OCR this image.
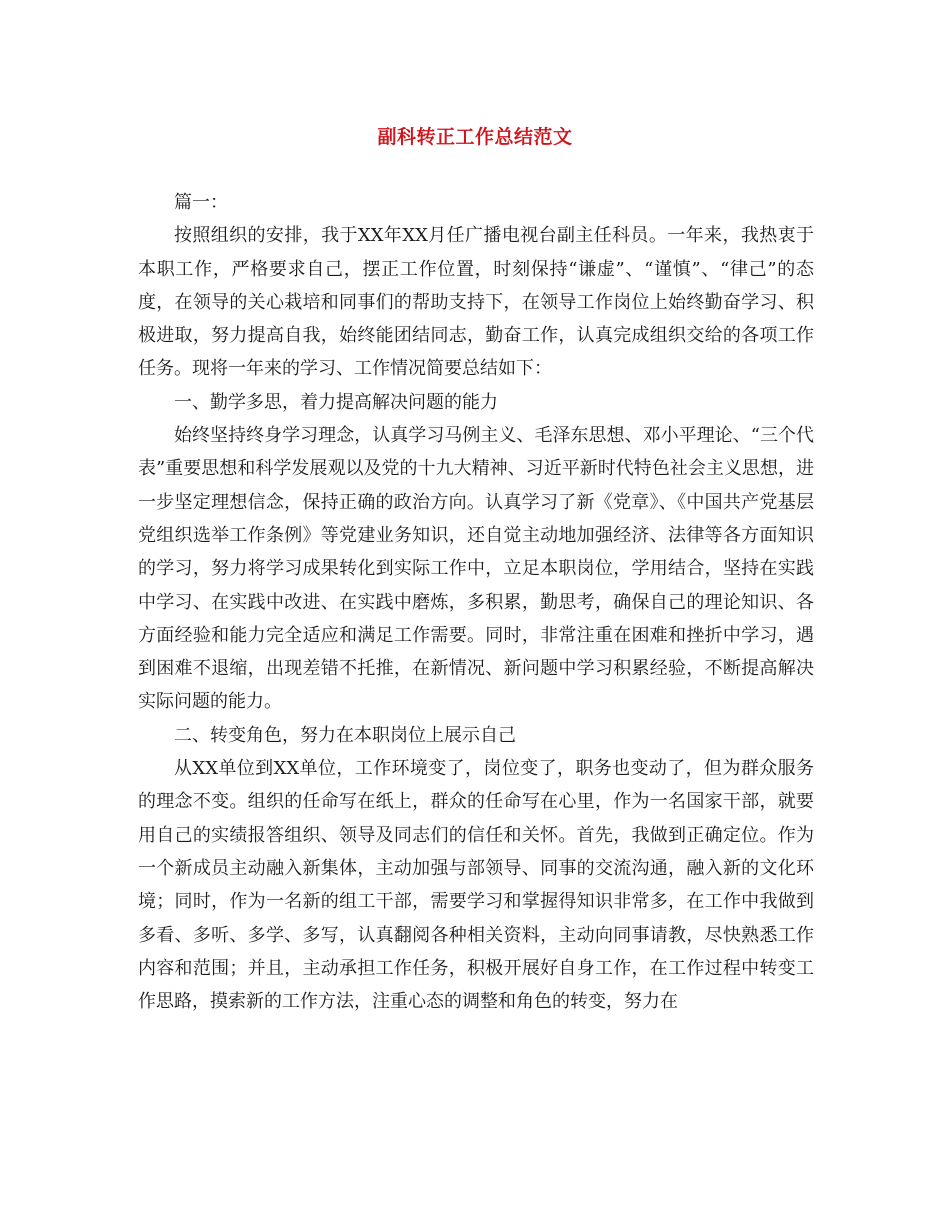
副科转正工作总结范文

篇一：

按照组织的安排，我于XX年XX月任广播电视台副主任科员。一年来，我热衷于本职工作，严格要求自己，摆正工作位置，时刻保持“谦虚”、“谨慎”、“律己”的态度，在领导的关心栽培和同事们的帮助支持下，在领导工作岗位上始终勤奋学习、积极进取，努力提高自我，始终能团结同志，勤奋工作，认真完成组织交给的各项工作任务。现将一年来的学习、工作情况简要总结如下：

一、勤学多思，着力提高解决问题的能力

始终坚持终身学习理念，认真学习马例主义、毛泽东思想、邓小平理论、“三个代表”重要思想和科学发展观以及党的十九大精神、习近平新时代特色社会主义思想，进一步坚定理想信念，保持正确的政治方向。认真学习了新《党章》、《中国共产党基层党组织选举工作条例》等党建业务知识，还自觉主动地加强经济、法律等各方面知识的学习，努力将学习成果转化到实际工作中，立足本职岗位，学用结合，坚持在实践中学习、在实践中改进、在实践中磨炼，多积累，勤思考，确保自己的理论知识、各方面经验和能力完全适应和满足工作需要。同时，非常注重在困难和挫折中学习，遇到困难不退缩，出现差错不托推，在新情况、新问题中学习积累经验，不断提高解决实际问题的能力。

二、转变角色，努力在本职岗位上展示自己

从XX单位到XX单位，工作环境变了，岗位变了，职务也变动了，但为群众服务的理念不变。组织的任命写在纸上，群众的任命写在心里，作为一名国家干部，就要用自己的实绩报答组织、领导及同志们的信任和关怀。首先，我做到正确定位。作为一个新成员主动融入新集体，主动加强与部领导、同事的交流沟通，融入新的文化环境；同时，作为一名新的组工干部，需要学习和掌握得知识非常多，在工作中我做到多看、多听、多学、多写，认真翻阅各种相关资料，主动向同事请教，尽快熟悉工作内容和范围；并且，主动承担工作任务，积极开展好自身工作，在工作过程中转变工作思路，摸索新的工作方法，注重心态的调整和角色的转变，努力在
